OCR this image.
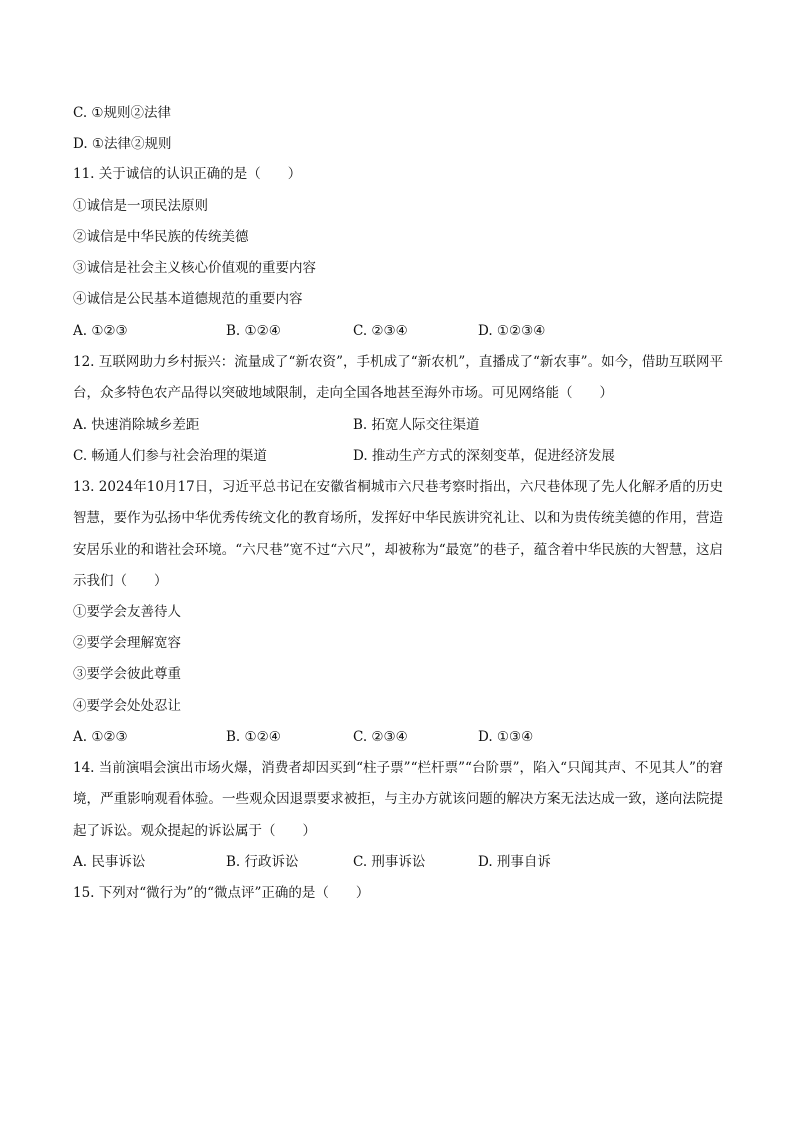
C. ①规则②法律
D. ①法律②规则
11. 关于诚信的认识正确的是（　　）
①诚信是一项民法原则
②诚信是中华民族的传统美德
③诚信是社会主义核心价值观的重要内容
④诚信是公民基本道德规范的重要内容
A. ①②③	B. ①②④	C. ②③④	D. ①②③④
12. 互联网助力乡村振兴：流量成了“新农资”，手机成了“新农机”，直播成了“新农事”。如今，借助互联网平台，众多特色农产品得以突破地域限制，走向全国各地甚至海外市场。可见网络能（　　）
A. 快速消除城乡差距	B. 拓宽人际交往渠道
C. 畅通人们参与社会治理的渠道	D. 推动生产方式的深刻变革，促进经济发展
13. 2024年10月17日，习近平总书记在安徽省桐城市六尺巷考察时指出，六尺巷体现了先人化解矛盾的历史智慧，要作为弘扬中华优秀传统文化的教育场所，发挥好中华民族讲究礼让、以和为贵传统美德的作用，营造安居乐业的和谐社会环境。“六尺巷”宽不过“六尺”，却被称为“最宽”的巷子，蕴含着中华民族的大智慧，这启示我们（　　）
①要学会友善待人
②要学会理解宽容
③要学会彼此尊重
④要学会处处忍让
A. ①②③	B. ①②④	C. ②③④	D. ①③④
14. 当前演唱会演出市场火爆，消费者却因买到“柱子票”“栏杆票”“台阶票”，陷入“只闻其声、不见其人”的窘境，严重影响观看体验。一些观众因退票要求被拒，与主办方就该问题的解决方案无法达成一致，遂向法院提起了诉讼。观众提起的诉讼属于（　　）
A. 民事诉讼	B. 行政诉讼	C. 刑事诉讼	D. 刑事自诉
15. 下列对“微行为”的“微点评”正确的是（　　）
